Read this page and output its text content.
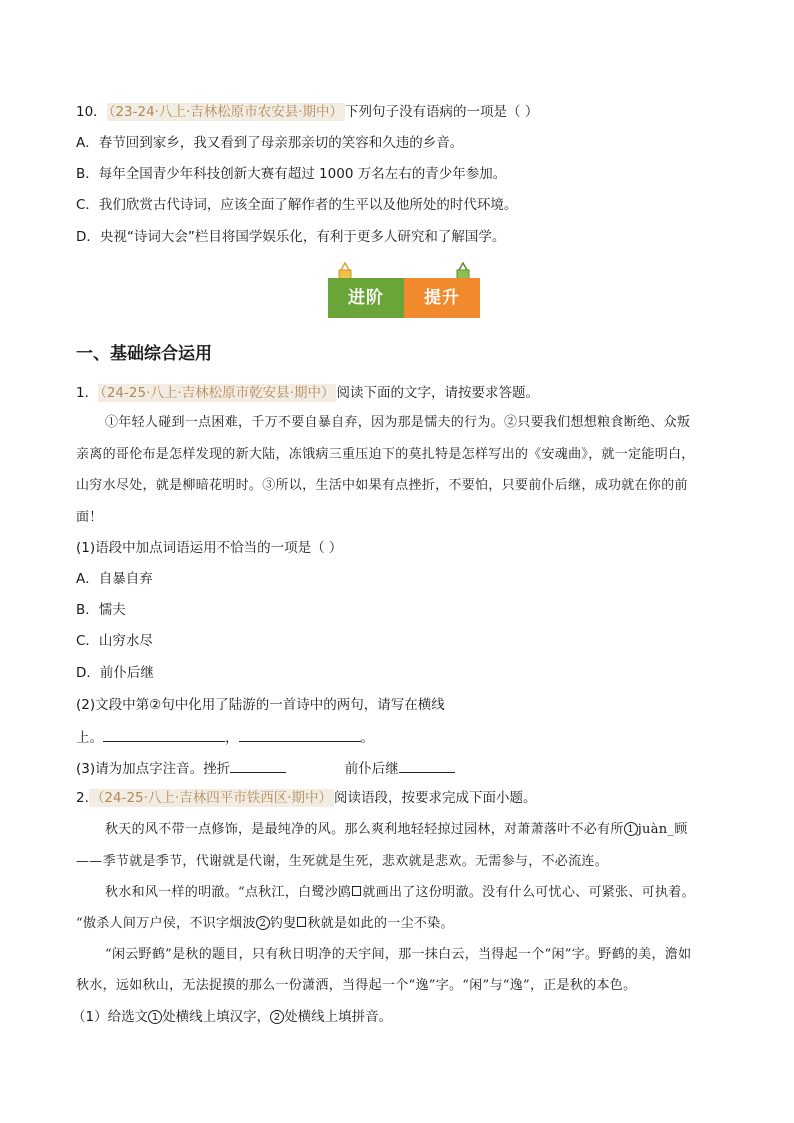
10． （23-24·八上·吉林松原市农安县·期中） 下列句子没有语病的一项是（ ）
A．春节回到家乡，我又看到了母亲那亲切的笑容和久违的乡音。
B．每年全国青少年科技创新大赛有超过 1000 万名左右的青少年参加。
C．我们欣赏古代诗词，应该全面了解作者的生平以及他所处的时代环境。
D．央视“诗词大会”栏目将国学娱乐化，有利于更多人研究和了解国学。
进阶	提升
一、基础综合运用
1． （24-25·八上·吉林松原市乾安县·期中） 阅读下面的文字，请按要求答题。
①年轻人碰到一点困难，千万不要自暴自弃，因为那是懦夫的行为。②只要我们想想粮食断绝、众叛
亲离的哥伦布是怎样发现的新大陆，冻饿病三重压迫下的莫扎特是怎样写出的《安魂曲》，就一定能明白，
山穷水尽处，就是柳暗花明时。③所以，生活中如果有点挫折，不要怕，只要前仆后继，成功就在你的前
面！
(1)语段中加点词语运用不恰当的一项是（ ）
A．自暴自弃
B．懦夫
C．山穷水尽
D．前仆后继
(2)文段中第②句中化用了陆游的一首诗中的两句，请写在横线
上。	，	。
(3)请为加点字注音。挫折	前仆后继
2. （24-25·八上·吉林四平市铁西区·期中） 阅读语段，按要求完成下面小题。
秋天的风不带一点修饰，是最纯净的风。那么爽利地轻轻掠过园林，对萧萧落叶不必有所 1 juàn_顾
——季节就是季节，代谢就是代谢，生死就是生死，悲欢就是悲欢。无需参与，不必流连。
秋水和风一样的明澈。“点秋江，白鹭沙鸥 就画出了这份明澈。没有什么可忧心、可紧张、可执着。
“傲杀人间万户侯，不识字烟波 2 钓叟 秋就是如此的一尘不染。
“闲云野鹤”是秋的题目，只有秋日明净的天宇间，那一抹白云，当得起一个“闲”字。野鹤的美，澹如
秋水，远如秋山，无法捉摸的那么一份潇洒，当得起一个“逸”字。“闲”与“逸”，正是秋的本色。
（1）给选文 1 处横线上填汉字， 2 处横线上填拼音。
